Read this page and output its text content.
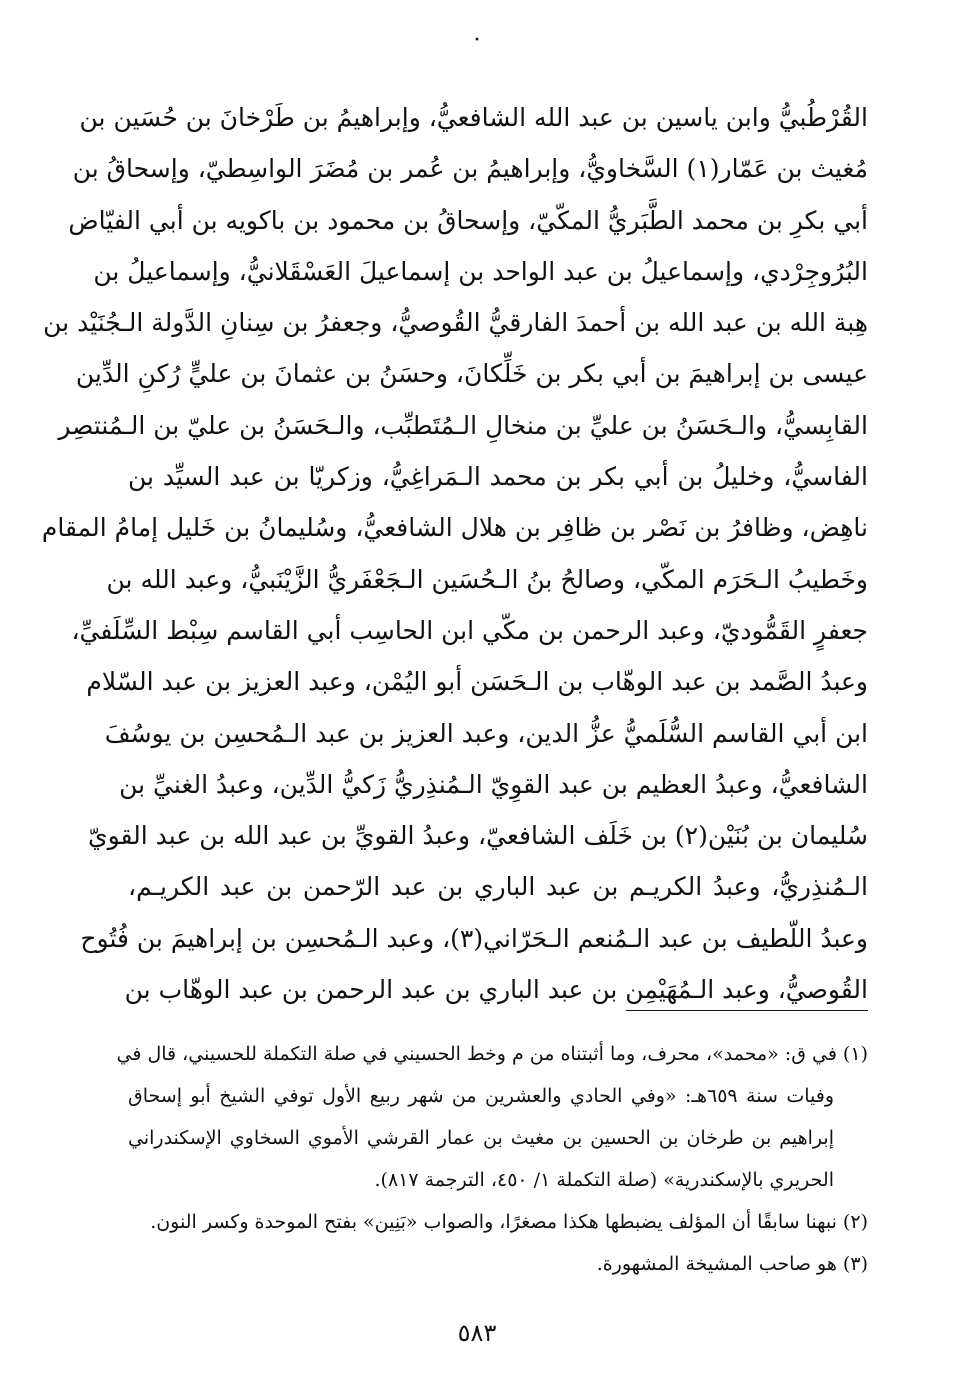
·
القُرْطُبيُّ وابن ياسين بن عبد الله الشافعيُّ، وإبراهيمُ بن طَرْخانَ بن حُسَين بن
مُغيث بن عَمّار(١) السَّخاويُّ، وإبراهيمُ بن عُمر بن مُضَرَ الواسِطيّ، وإسحاقُ بن
أبي بكرِ بن محمد الطَّبَريُّ المكّيّ، وإسحاقُ بن محمود بن باكويه بن أبي الفيّاض
البُرُوجِرْدي، وإسماعيلُ بن عبد الواحد بن إسماعيلَ العَسْقَلانيُّ، وإسماعيلُ بن
هِبة الله بن عبد الله بن أحمدَ الفارقيُّ القُوصيُّ، وجعفرُ بن سِنانِ الدَّولة الـجُنَيْد بن
عيسى بن إبراهيمَ بن أبي بكر بن خَلِّكانَ، وحسَنُ بن عثمانَ بن عليٍّ رُكنِ الدِّين
القابِسيُّ، والـحَسَنُ بن عليِّ بن منخالِ الـمُتَطبِّب، والـحَسَنُ بن عليّ بن الـمُنتصِر
الفاسيُّ، وخليلُ بن أبي بكر بن محمد الـمَراغِيُّ، وزكريّا بن عبد السيِّد بن
ناهِض، وظافرُ بن نَصْر بن ظافِر بن هلال الشافعيُّ، وسُليمانُ بن خَليل إمامُ المقام
وخَطيبُ الـحَرَم المكّي، وصالحُ بنُ الـحُسَين الـجَعْفَريُّ الزَّيْنَبيُّ، وعبد الله بن
جعفرٍ القَمُّوديّ، وعبد الرحمن بن مكّي ابن الحاسِب أبي القاسم سِبْط السِّلَفيِّ،
وعبدُ الصَّمد بن عبد الوهّاب بن الـحَسَن أبو اليُمْن، وعبد العزيز بن عبد السّلام
ابن أبي القاسم السُّلَميُّ عزُّ الدين، وعبد العزيز بن عبد الـمُحسِن بن يوسُفَ
الشافعيُّ، وعبدُ العظيم بن عبد القوِيّ الـمُنذِريُّ زَكيُّ الدِّين، وعبدُ الغنيِّ بن
سُليمان بن بُنَيْن(٢) بن خَلَف الشافعيّ، وعبدُ القويِّ بن عبد الله بن عبد القويّ
الـمُنذِريُّ، وعبدُ الكريـم بن عبد الباري بن عبد الرّحمن بن عبد الكريـم،
وعبدُ اللّطيف بن عبد الـمُنعم الـحَرّاني(٣)، وعبد الـمُحسِن بن إبراهيمَ بن فُتُوح
القُوصيُّ، وعبد الـمُهَيْمِن بن عبد الباري بن عبد الرحمن بن عبد الوهّاب بن
(١) في ق: «محمد»، محرف، وما أثبتناه من م وخط الحسيني في صلة التكملة للحسيني، قال في
وفيات سنة ٦٥٩هـ: «وفي الحادي والعشرين من شهر ربيع الأول توفي الشيخ أبو إسحاق
إبراهيم بن طرخان بن الحسين بن مغيث بن عمار القرشي الأموي السخاوي الإسكندراني
الحريري بالإسكندرية» (صلة التكملة ١/ ٤٥٠، الترجمة ٨١٧).
(٢) نبهنا سابقًا أن المؤلف يضبطها هكذا مصغرًا، والصواب «بَنِين» بفتح الموحدة وكسر النون.
(٣) هو صاحب المشيخة المشهورة.
٥٨٣
